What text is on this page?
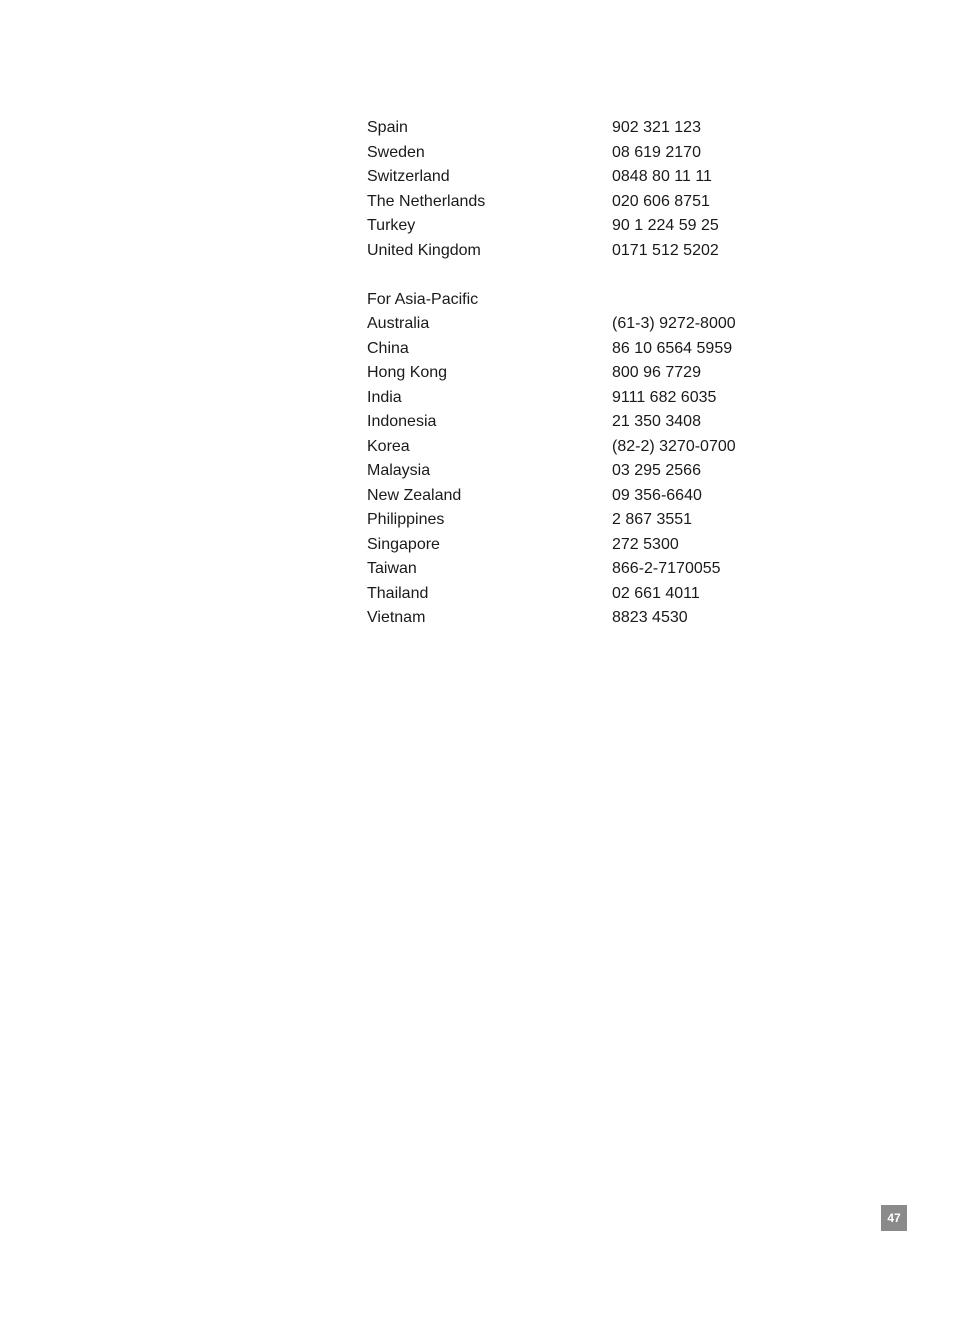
Spain	902 321 123
Sweden	08 619 2170
Switzerland	0848 80 11 11
The Netherlands	020 606 8751
Turkey	90 1 224 59 25
United Kingdom	0171 512 5202
For Asia-Pacific
Australia	(61-3) 9272-8000
China	86 10 6564 5959
Hong Kong	800 96 7729
India	9111 682 6035
Indonesia	21 350 3408
Korea	(82-2) 3270-0700
Malaysia	03 295 2566
New Zealand	09 356-6640
Philippines	2 867 3551
Singapore	272 5300
Taiwan	866-2-7170055
Thailand	02 661 4011
Vietnam	8823 4530
47
